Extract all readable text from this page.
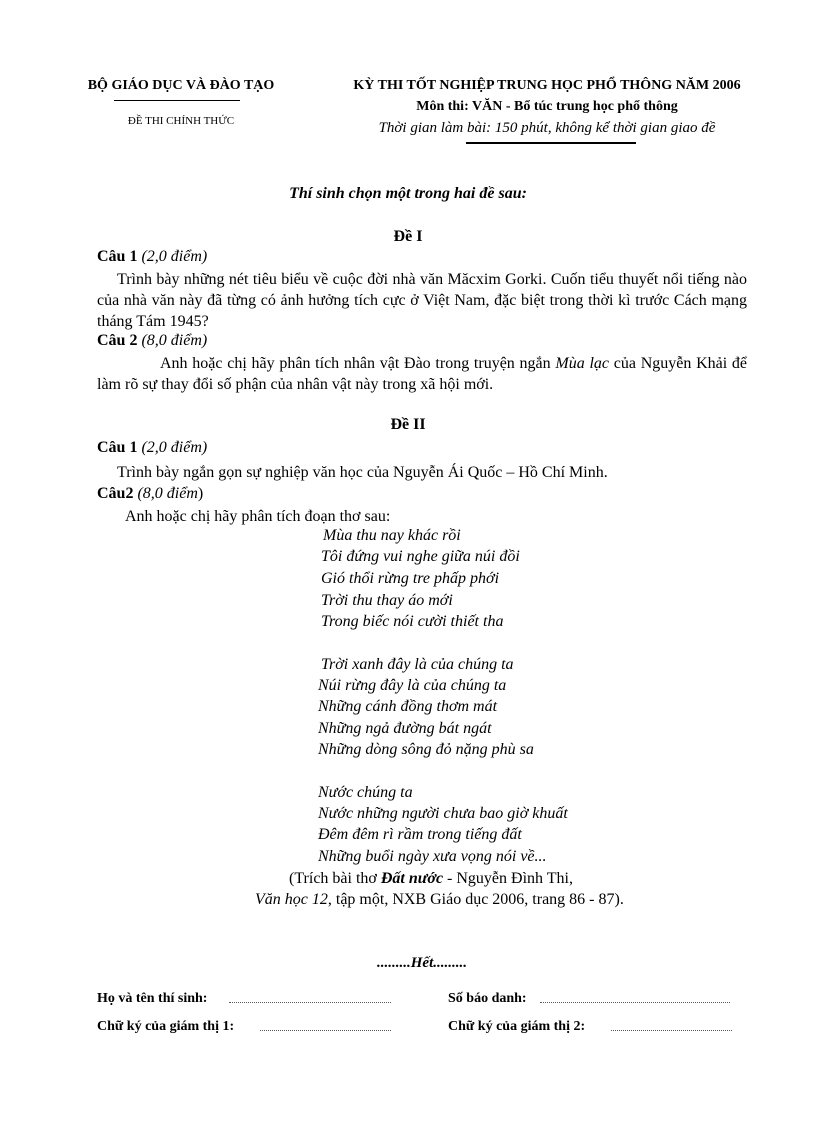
BỘ GIÁO DỤC VÀ ĐÀO TẠO
ĐỀ THI CHÍNH THỨC
KỲ THI TỐT NGHIỆP TRUNG HỌC PHỔ THÔNG NĂM 2006
Môn thi: VĂN - Bổ túc trung học phổ thông
Thời gian làm bài: 150 phút, không kể thời gian giao đề
Thí sinh chọn một trong hai đề sau:
Đề I
Câu 1 (2,0 điểm)
Trình bày những nét tiêu biểu về cuộc đời nhà văn Măcxim Gorki. Cuốn tiểu thuyết nổi tiếng nào của nhà văn này đã từng có ảnh hưởng tích cực ở Việt Nam, đặc biệt trong thời kì trước Cách mạng tháng Tám 1945?
Câu 2 (8,0 điểm)
Anh hoặc chị hãy phân tích nhân vật Đào trong truyện ngắn Mùa lạc của Nguyễn Khải để làm rõ sự thay đổi số phận của nhân vật này trong xã hội mới.
Đề II
Câu 1 (2,0 điểm)
Trình bày ngắn gọn sự nghiệp văn học của Nguyễn Ái Quốc – Hồ Chí Minh.
Câu2 (8,0 điểm)
Anh hoặc chị hãy phân tích đoạn thơ sau:
Mùa thu nay khác rồi
Tôi đứng vui nghe giữa núi đồi
Gió thổi rừng tre phấp phới
Trời thu thay áo mới
Trong biếc nói cười thiết tha
Trời xanh đây là của chúng ta
Núi rừng đây là của chúng ta
Những cánh đồng thơm mát
Những ngả đường bát ngát
Những dòng sông đỏ nặng phù sa
Nước chúng ta
Nước những người chưa bao giờ khuất
Đêm đêm rì rầm trong tiếng đất
Những buổi ngày xưa vọng nói về...
(Trích bài thơ Đất nước - Nguyễn Đình Thi,
Văn học 12, tập một, NXB Giáo dục 2006, trang 86 - 87).
.........Hết.........
Họ và tên thí sinh:	Số báo danh:
Chữ ký của giám thị 1:	Chữ ký của giám thị 2:
